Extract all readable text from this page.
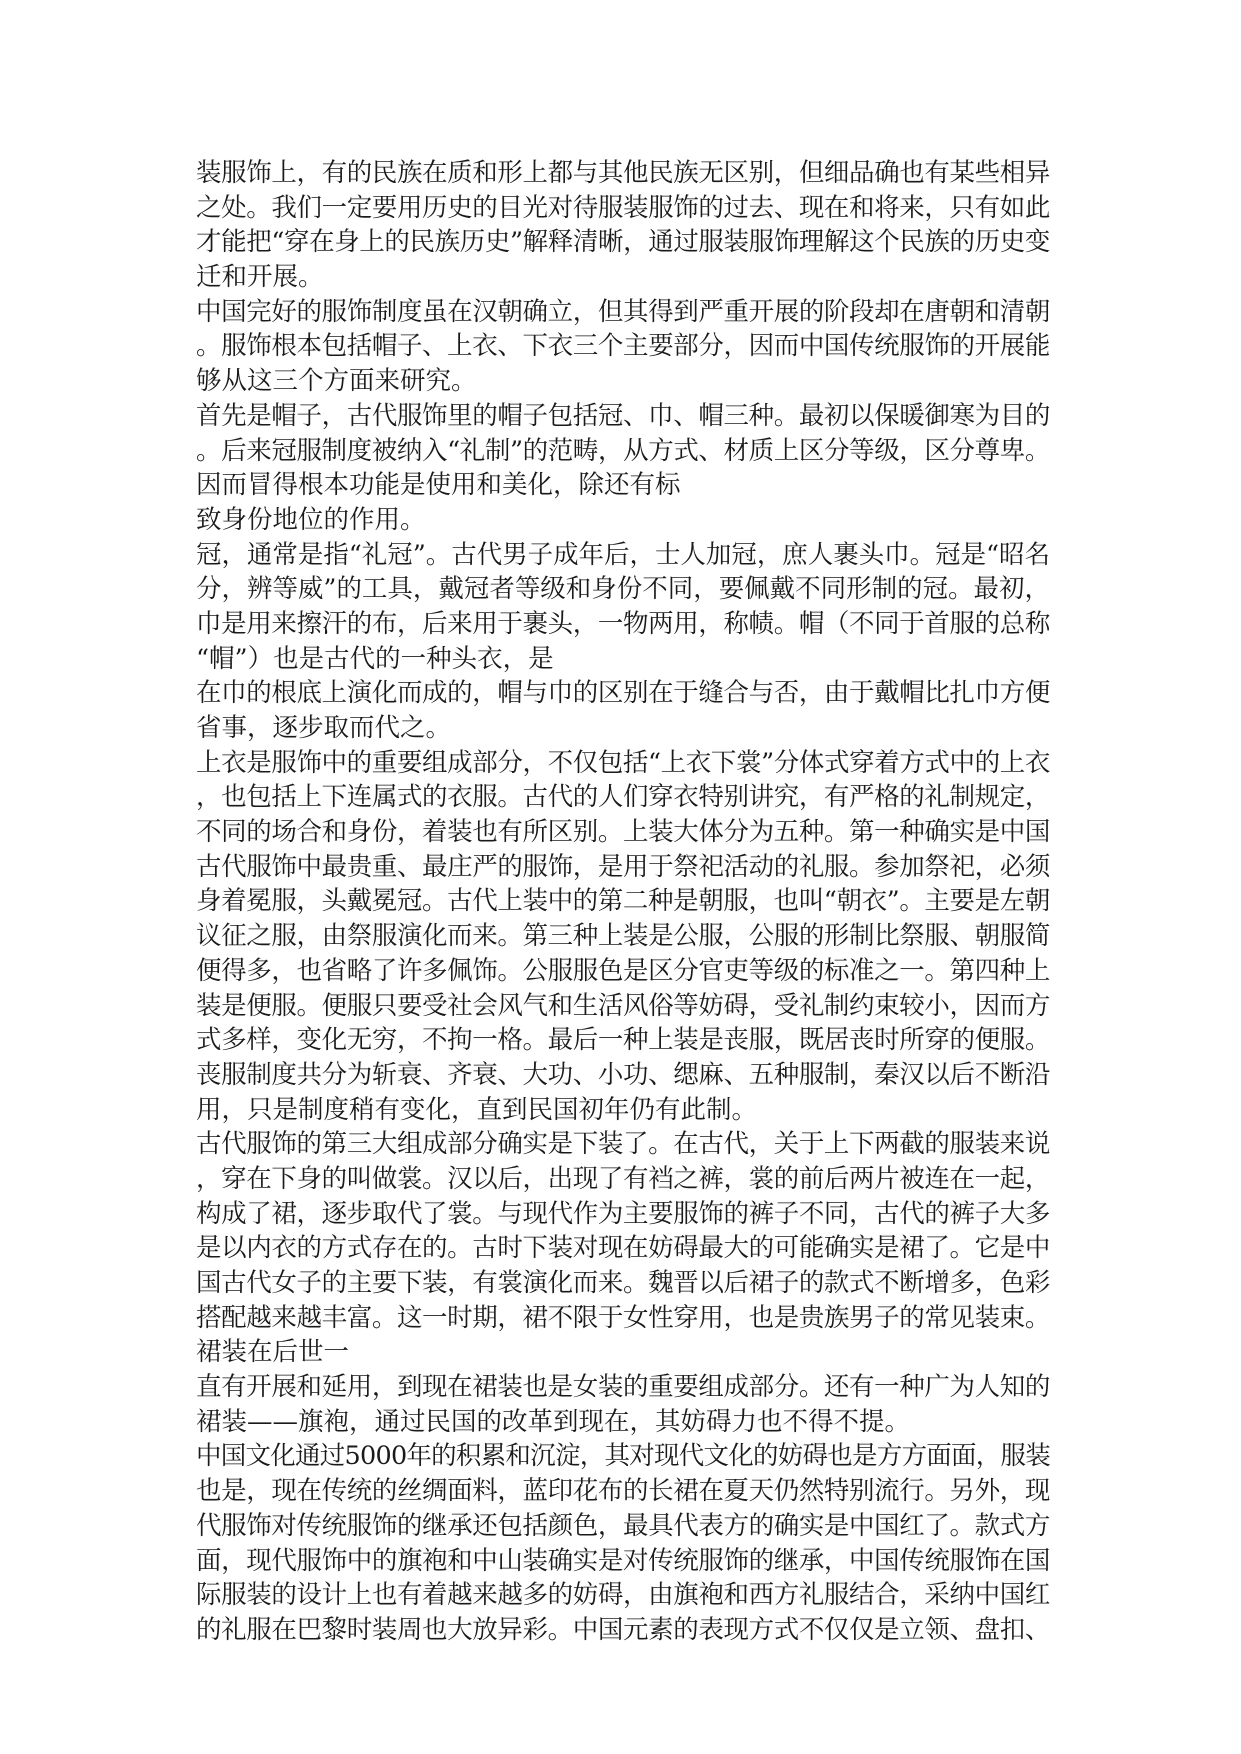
装服饰上，有的民族在质和形上都与其他民族无区别，但细品确也有某些相异
之处。我们一定要用历史的目光对待服装服饰的过去、现在和将来，只有如此
才能把“穿在身上的民族历史”解释清晰，通过服装服饰理解这个民族的历史变
迁和开展。
中国完好的服饰制度虽在汉朝确立，但其得到严重开展的阶段却在唐朝和清朝
。服饰根本包括帽子、上衣、下衣三个主要部分，因而中国传统服饰的开展能
够从这三个方面来研究。
首先是帽子，古代服饰里的帽子包括冠、巾、帽三种。最初以保暖御寒为目的
。后来冠服制度被纳入“礼制”的范畴，从方式、材质上区分等级，区分尊卑。
因而冒得根本功能是使用和美化，除还有标
致身份地位的作用。
冠，通常是指“礼冠”。古代男子成年后，士人加冠，庶人裹头巾。冠是“昭名
分，辨等威”的工具，戴冠者等级和身份不同，要佩戴不同形制的冠。最初，
巾是用来擦汗的布，后来用于裹头，一物两用，称帻。帽（不同于首服的总称
“帽”）也是古代的一种头衣，是
在巾的根底上演化而成的，帽与巾的区别在于缝合与否，由于戴帽比扎巾方便
省事，逐步取而代之。
上衣是服饰中的重要组成部分，不仅包括“上衣下裳”分体式穿着方式中的上衣
，也包括上下连属式的衣服。古代的人们穿衣特别讲究，有严格的礼制规定，
不同的场合和身份，着装也有所区别。上装大体分为五种。第一种确实是中国
古代服饰中最贵重、最庄严的服饰，是用于祭祀活动的礼服。参加祭祀，必须
身着冕服，头戴冕冠。古代上装中的第二种是朝服，也叫“朝衣”。主要是左朝
议征之服，由祭服演化而来。第三种上装是公服，公服的形制比祭服、朝服简
便得多，也省略了许多佩饰。公服服色是区分官吏等级的标准之一。第四种上
装是便服。便服只要受社会风气和生活风俗等妨碍，受礼制约束较小，因而方
式多样，变化无穷，不拘一格。最后一种上装是丧服，既居丧时所穿的便服。
丧服制度共分为斩衰、齐衰、大功、小功、缌麻、五种服制，秦汉以后不断沿
用，只是制度稍有变化，直到民国初年仍有此制。
古代服饰的第三大组成部分确实是下装了。在古代，关于上下两截的服装来说
，穿在下身的叫做裳。汉以后，出现了有裆之裤，裳的前后两片被连在一起，
构成了裙，逐步取代了裳。与现代作为主要服饰的裤子不同，古代的裤子大多
是以内衣的方式存在的。古时下装对现在妨碍最大的可能确实是裙了。它是中
国古代女子的主要下装，有裳演化而来。魏晋以后裙子的款式不断增多，色彩
搭配越来越丰富。这一时期，裙不限于女性穿用，也是贵族男子的常见装束。
裙装在后世一
直有开展和延用，到现在裙装也是女装的重要组成部分。还有一种广为人知的
裙装——旗袍，通过民国的改革到现在，其妨碍力也不得不提。
中国文化通过5000年的积累和沉淀，其对现代文化的妨碍也是方方面面，服装
也是，现在传统的丝绸面料，蓝印花布的长裙在夏天仍然特别流行。另外，现
代服饰对传统服饰的继承还包括颜色，最具代表方的确实是中国红了。款式方
面，现代服饰中的旗袍和中山装确实是对传统服饰的继承，中国传统服饰在国
际服装的设计上也有着越来越多的妨碍，由旗袍和西方礼服结合，采纳中国红
的礼服在巴黎时装周也大放异彩。中国元素的表现方式不仅仅是立领、盘扣、
